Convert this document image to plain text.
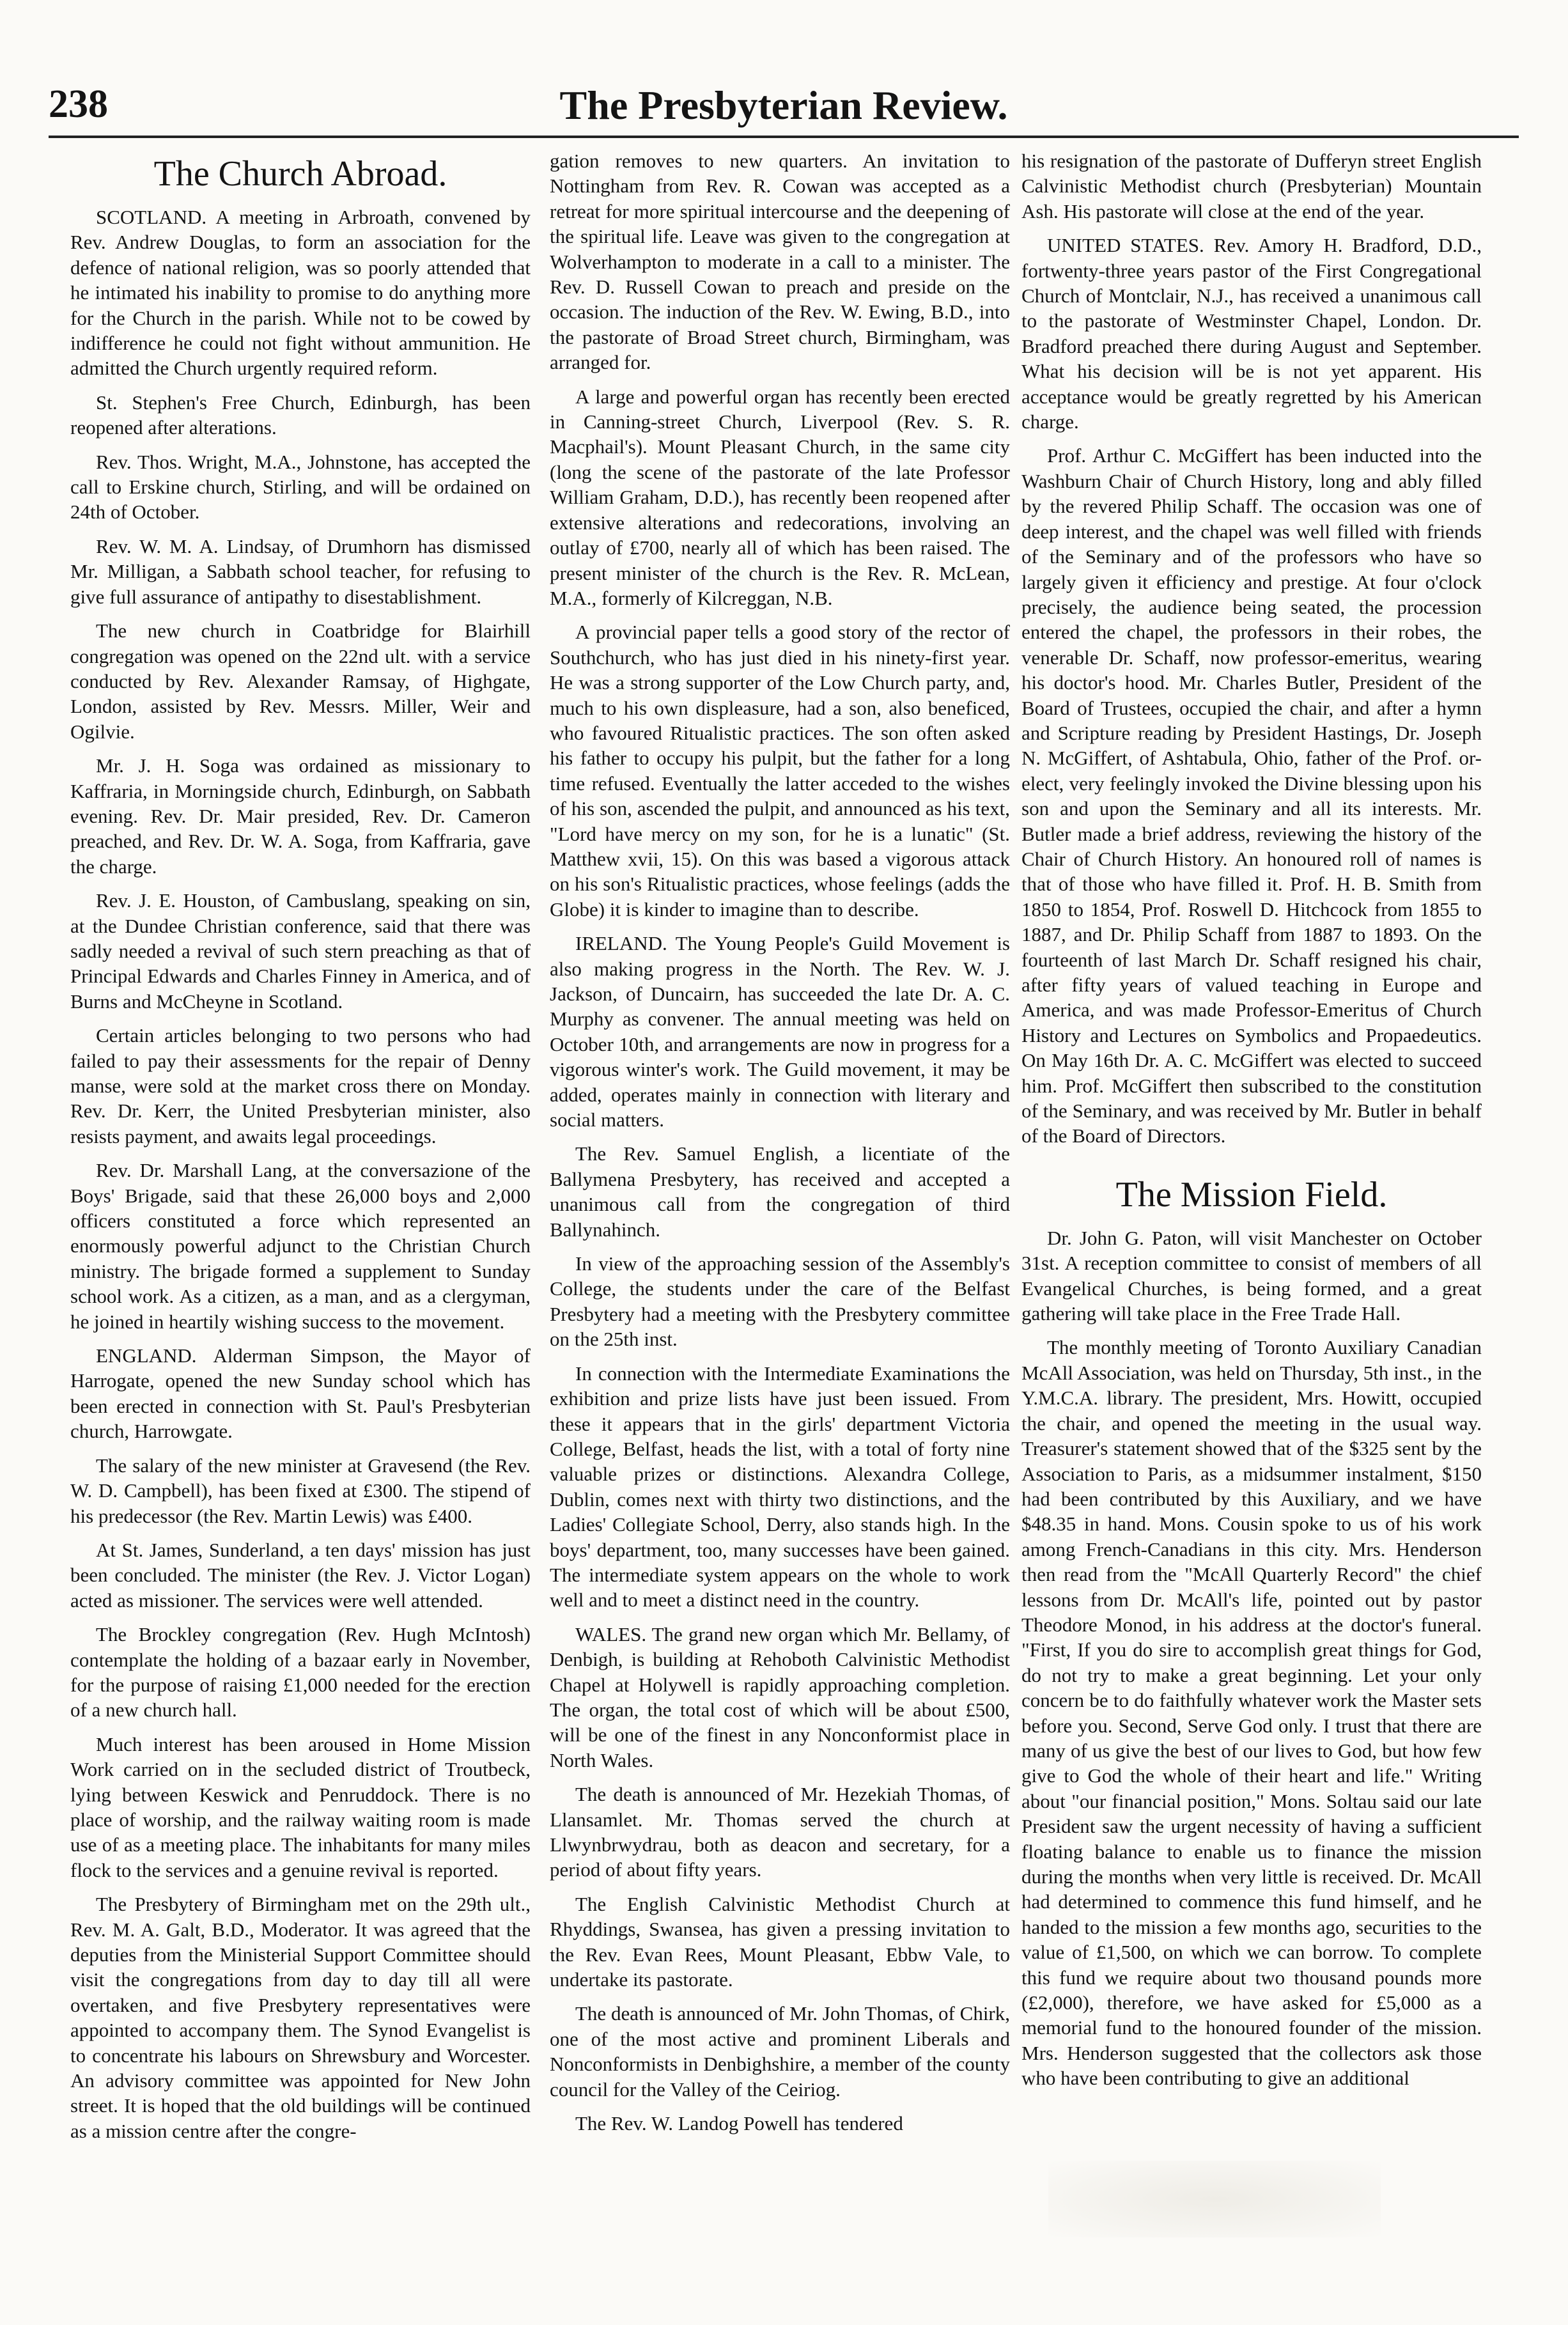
238	The Presbyterian Review.
The Church Abroad.

SCOTLAND. A meeting in Arbroath, convened by Rev. Andrew Douglas, to form an association for the defence of national religion, was so poorly attended that he intimated his inability to promise to do anything more for the Church in the parish. While not to be cowed by indifference he could not fight without ammunition. He admitted the Church urgently required reform.

St. Stephen's Free Church, Edinburgh, has been reopened after alterations.

Rev. Thos. Wright, M.A., Johnstone, has accepted the call to Erskine church, Stirling, and will be ordained on 24th of October.

Rev. W. M. A. Lindsay, of Drumhorn has dismissed Mr. Milligan, a Sabbath school teacher, for refusing to give full assurance of antipathy to disestablishment.

The new church in Coatbridge for Blairhill congregation was opened on the 22nd ult. with a service conducted by Rev. Alexander Ramsay, of Highgate, London, assisted by Rev. Messrs. Miller, Weir and Ogilvie.

Mr. J. H. Soga was ordained as missionary to Kaffraria, in Morningside church, Edinburgh, on Sabbath evening. Rev. Dr. Mair presided, Rev. Dr. Cameron preached, and Rev. Dr. W. A. Soga, from Kaffraria, gave the charge.

Rev. J. E. Houston, of Cambuslang, speaking on sin, at the Dundee Christian conference, said that there was sadly needed a revival of such stern preaching as that of Principal Edwards and Charles Finney in America, and of Burns and McCheyne in Scotland.

Certain articles belonging to two persons who had failed to pay their assessments for the repair of Denny manse, were sold at the market cross there on Monday. Rev. Dr. Kerr, the United Presbyterian minister, also resists payment, and awaits legal proceedings.

Rev. Dr. Marshall Lang, at the conversazione of the Boys' Brigade, said that these 26,000 boys and 2,000 officers constituted a force which represented an enormously powerful adjunct to the Christian Church ministry. The brigade formed a supplement to Sunday school work. As a citizen, as a man, and as a clergyman, he joined in heartily wishing success to the movement.

ENGLAND. Alderman Simpson, the Mayor of Harrogate, opened the new Sunday school which has been erected in connection with St. Paul's Presbyterian church, Harrowgate.

The salary of the new minister at Gravesend (the Rev. W. D. Campbell), has been fixed at £300. The stipend of his predecessor (the Rev. Martin Lewis) was £400.

At St. James, Sunderland, a ten days' mission has just been concluded. The minister (the Rev. J. Victor Logan) acted as missioner. The services were well attended.

The Brockley congregation (Rev. Hugh McIntosh) contemplate the holding of a bazaar early in November, for the purpose of raising £1,000 needed for the erection of a new church hall.

Much interest has been aroused in Home Mission Work carried on in the secluded district of Troutbeck, lying between Keswick and Penruddock. There is no place of worship, and the railway waiting room is made use of as a meeting place. The inhabitants for many miles flock to the services and a genuine revival is reported.

The Presbytery of Birmingham met on the 29th ult., Rev. M. A. Galt, B.D., Moderator. It was agreed that the deputies from the Ministerial Support Committee should visit the congregations from day to day till all were overtaken, and five Presbytery representatives were appointed to accompany them. The Synod Evangelist is to concentrate his labours on Shrewsbury and Worcester. An advisory committee was appointed for New John street. It is hoped that the old buildings will be continued as a mission centre after the congre-

gation removes to new quarters. An invitation to Nottingham from Rev. R. Cowan was accepted as a retreat for more spiritual intercourse and the deepening of the spiritual life. Leave was given to the congregation at Wolverhampton to moderate in a call to a minister. The Rev. D. Russell Cowan to preach and preside on the occasion. The induction of the Rev. W. Ewing, B.D., into the pastorate of Broad Street church, Birmingham, was arranged for.

A large and powerful organ has recently been erected in Canning-street Church, Liverpool (Rev. S. R. Macphail's). Mount Pleasant Church, in the same city (long the scene of the pastorate of the late Professor William Graham, D.D.), has recently been reopened after extensive alterations and redecorations, involving an outlay of £700, nearly all of which has been raised. The present minister of the church is the Rev. R. McLean, M.A., formerly of Kilcreggan, N.B.

A provincial paper tells a good story of the rector of Southchurch, who has just died in his ninety-first year. He was a strong supporter of the Low Church party, and, much to his own displeasure, had a son, also beneficed, who favoured Ritualistic practices. The son often asked his father to occupy his pulpit, but the father for a long time refused. Eventually the latter acceded to the wishes of his son, ascended the pulpit, and announced as his text, "Lord have mercy on my son, for he is a lunatic" (St. Matthew xvii, 15). On this was based a vigorous attack on his son's Ritualistic practices, whose feelings (adds the Globe) it is kinder to imagine than to describe.

IRELAND. The Young People's Guild Movement is also making progress in the North. The Rev. W. J. Jackson, of Duncairn, has succeeded the late Dr. A. C. Murphy as convener. The annual meeting was held on October 10th, and arrangements are now in progress for a vigorous winter's work. The Guild movement, it may be added, operates mainly in connection with literary and social matters.

The Rev. Samuel English, a licentiate of the Ballymena Presbytery, has received and accepted a unanimous call from the congregation of third Ballynahinch.

In view of the approaching session of the Assembly's College, the students under the care of the Belfast Presbytery had a meeting with the Presbytery committee on the 25th inst.

In connection with the Intermediate Examinations the exhibition and prize lists have just been issued. From these it appears that in the girls' department Victoria College, Belfast, heads the list, with a total of forty nine valuable prizes or distinctions. Alexandra College, Dublin, comes next with thirty two distinctions, and the Ladies' Collegiate School, Derry, also stands high. In the boys' department, too, many successes have been gained. The intermediate system appears on the whole to work well and to meet a distinct need in the country.

WALES. The grand new organ which Mr. Bellamy, of Denbigh, is building at Rehoboth Calvinistic Methodist Chapel at Holywell is rapidly approaching completion. The organ, the total cost of which will be about £500, will be one of the finest in any Nonconformist place in North Wales.

The death is announced of Mr. Hezekiah Thomas, of Llansamlet. Mr. Thomas served the church at Llwynbrwydrau, both as deacon and secretary, for a period of about fifty years.

The English Calvinistic Methodist Church at Rhyddings, Swansea, has given a pressing invitation to the Rev. Evan Rees, Mount Pleasant, Ebbw Vale, to undertake its pastorate.

The death is announced of Mr. John Thomas, of Chirk, one of the most active and prominent Liberals and Nonconformists in Denbighshire, a member of the county council for the Valley of the Ceiriog.

The Rev. W. Landog Powell has tendered

his resignation of the pastorate of Dufferyn street English Calvinistic Methodist church (Presbyterian) Mountain Ash. His pastorate will close at the end of the year.

UNITED STATES. Rev. Amory H. Bradford, D.D., fortwenty-three years pastor of the First Congregational Church of Montclair, N.J., has received a unanimous call to the pastorate of Westminster Chapel, London. Dr. Bradford preached there during August and September. What his decision will be is not yet apparent. His acceptance would be greatly regretted by his American charge.

Prof. Arthur C. McGiffert has been inducted into the Washburn Chair of Church History, long and ably filled by the revered Philip Schaff. The occasion was one of deep interest, and the chapel was well filled with friends of the Seminary and of the professors who have so largely given it efficiency and prestige. At four o'clock precisely, the audience being seated, the procession entered the chapel, the professors in their robes, the venerable Dr. Schaff, now professor-emeritus, wearing his doctor's hood. Mr. Charles Butler, President of the Board of Trustees, occupied the chair, and after a hymn and Scripture reading by President Hastings, Dr. Joseph N. McGiffert, of Ashtabula, Ohio, father of the Prof. or-elect, very feelingly invoked the Divine blessing upon his son and upon the Seminary and all its interests. Mr. Butler made a brief address, reviewing the history of the Chair of Church History. An honoured roll of names is that of those who have filled it. Prof. H. B. Smith from 1850 to 1854, Prof. Roswell D. Hitchcock from 1855 to 1887, and Dr. Philip Schaff from 1887 to 1893. On the fourteenth of last March Dr. Schaff resigned his chair, after fifty years of valued teaching in Europe and America, and was made Professor-Emeritus of Church History and Lectures on Symbolics and Propaedeutics. On May 16th Dr. A. C. McGiffert was elected to succeed him. Prof. McGiffert then subscribed to the constitution of the Seminary, and was received by Mr. Butler in behalf of the Board of Directors.

The Mission Field.

Dr. John G. Paton, will visit Manchester on October 31st. A reception committee to consist of members of all Evangelical Churches, is being formed, and a great gathering will take place in the Free Trade Hall.

The monthly meeting of Toronto Auxiliary Canadian McAll Association, was held on Thursday, 5th inst., in the Y.M.C.A. library. The president, Mrs. Howitt, occupied the chair, and opened the meeting in the usual way. Treasurer's statement showed that of the $325 sent by the Association to Paris, as a midsummer instalment, $150 had been contributed by this Auxiliary, and we have $48.35 in hand. Mons. Cousin spoke to us of his work among French-Canadians in this city. Mrs. Henderson then read from the "McAll Quarterly Record" the chief lessons from Dr. McAll's life, pointed out by pastor Theodore Monod, in his address at the doctor's funeral. "First, If you do sire to accomplish great things for God, do not try to make a great beginning. Let your only concern be to do faithfully whatever work the Master sets before you. Second, Serve God only. I trust that there are many of us give the best of our lives to God, but how few give to God the whole of their heart and life." Writing about "our financial position," Mons. Soltau said our late President saw the urgent necessity of having a sufficient floating balance to enable us to finance the mission during the months when very little is received. Dr. McAll had determined to commence this fund himself, and he handed to the mission a few months ago, securities to the value of £1,500, on which we can borrow. To complete this fund we require about two thousand pounds more (£2,000), therefore, we have asked for £5,000 as a memorial fund to the honoured founder of the mission. Mrs. Henderson suggested that the collectors ask those who have been contributing to give an additional
